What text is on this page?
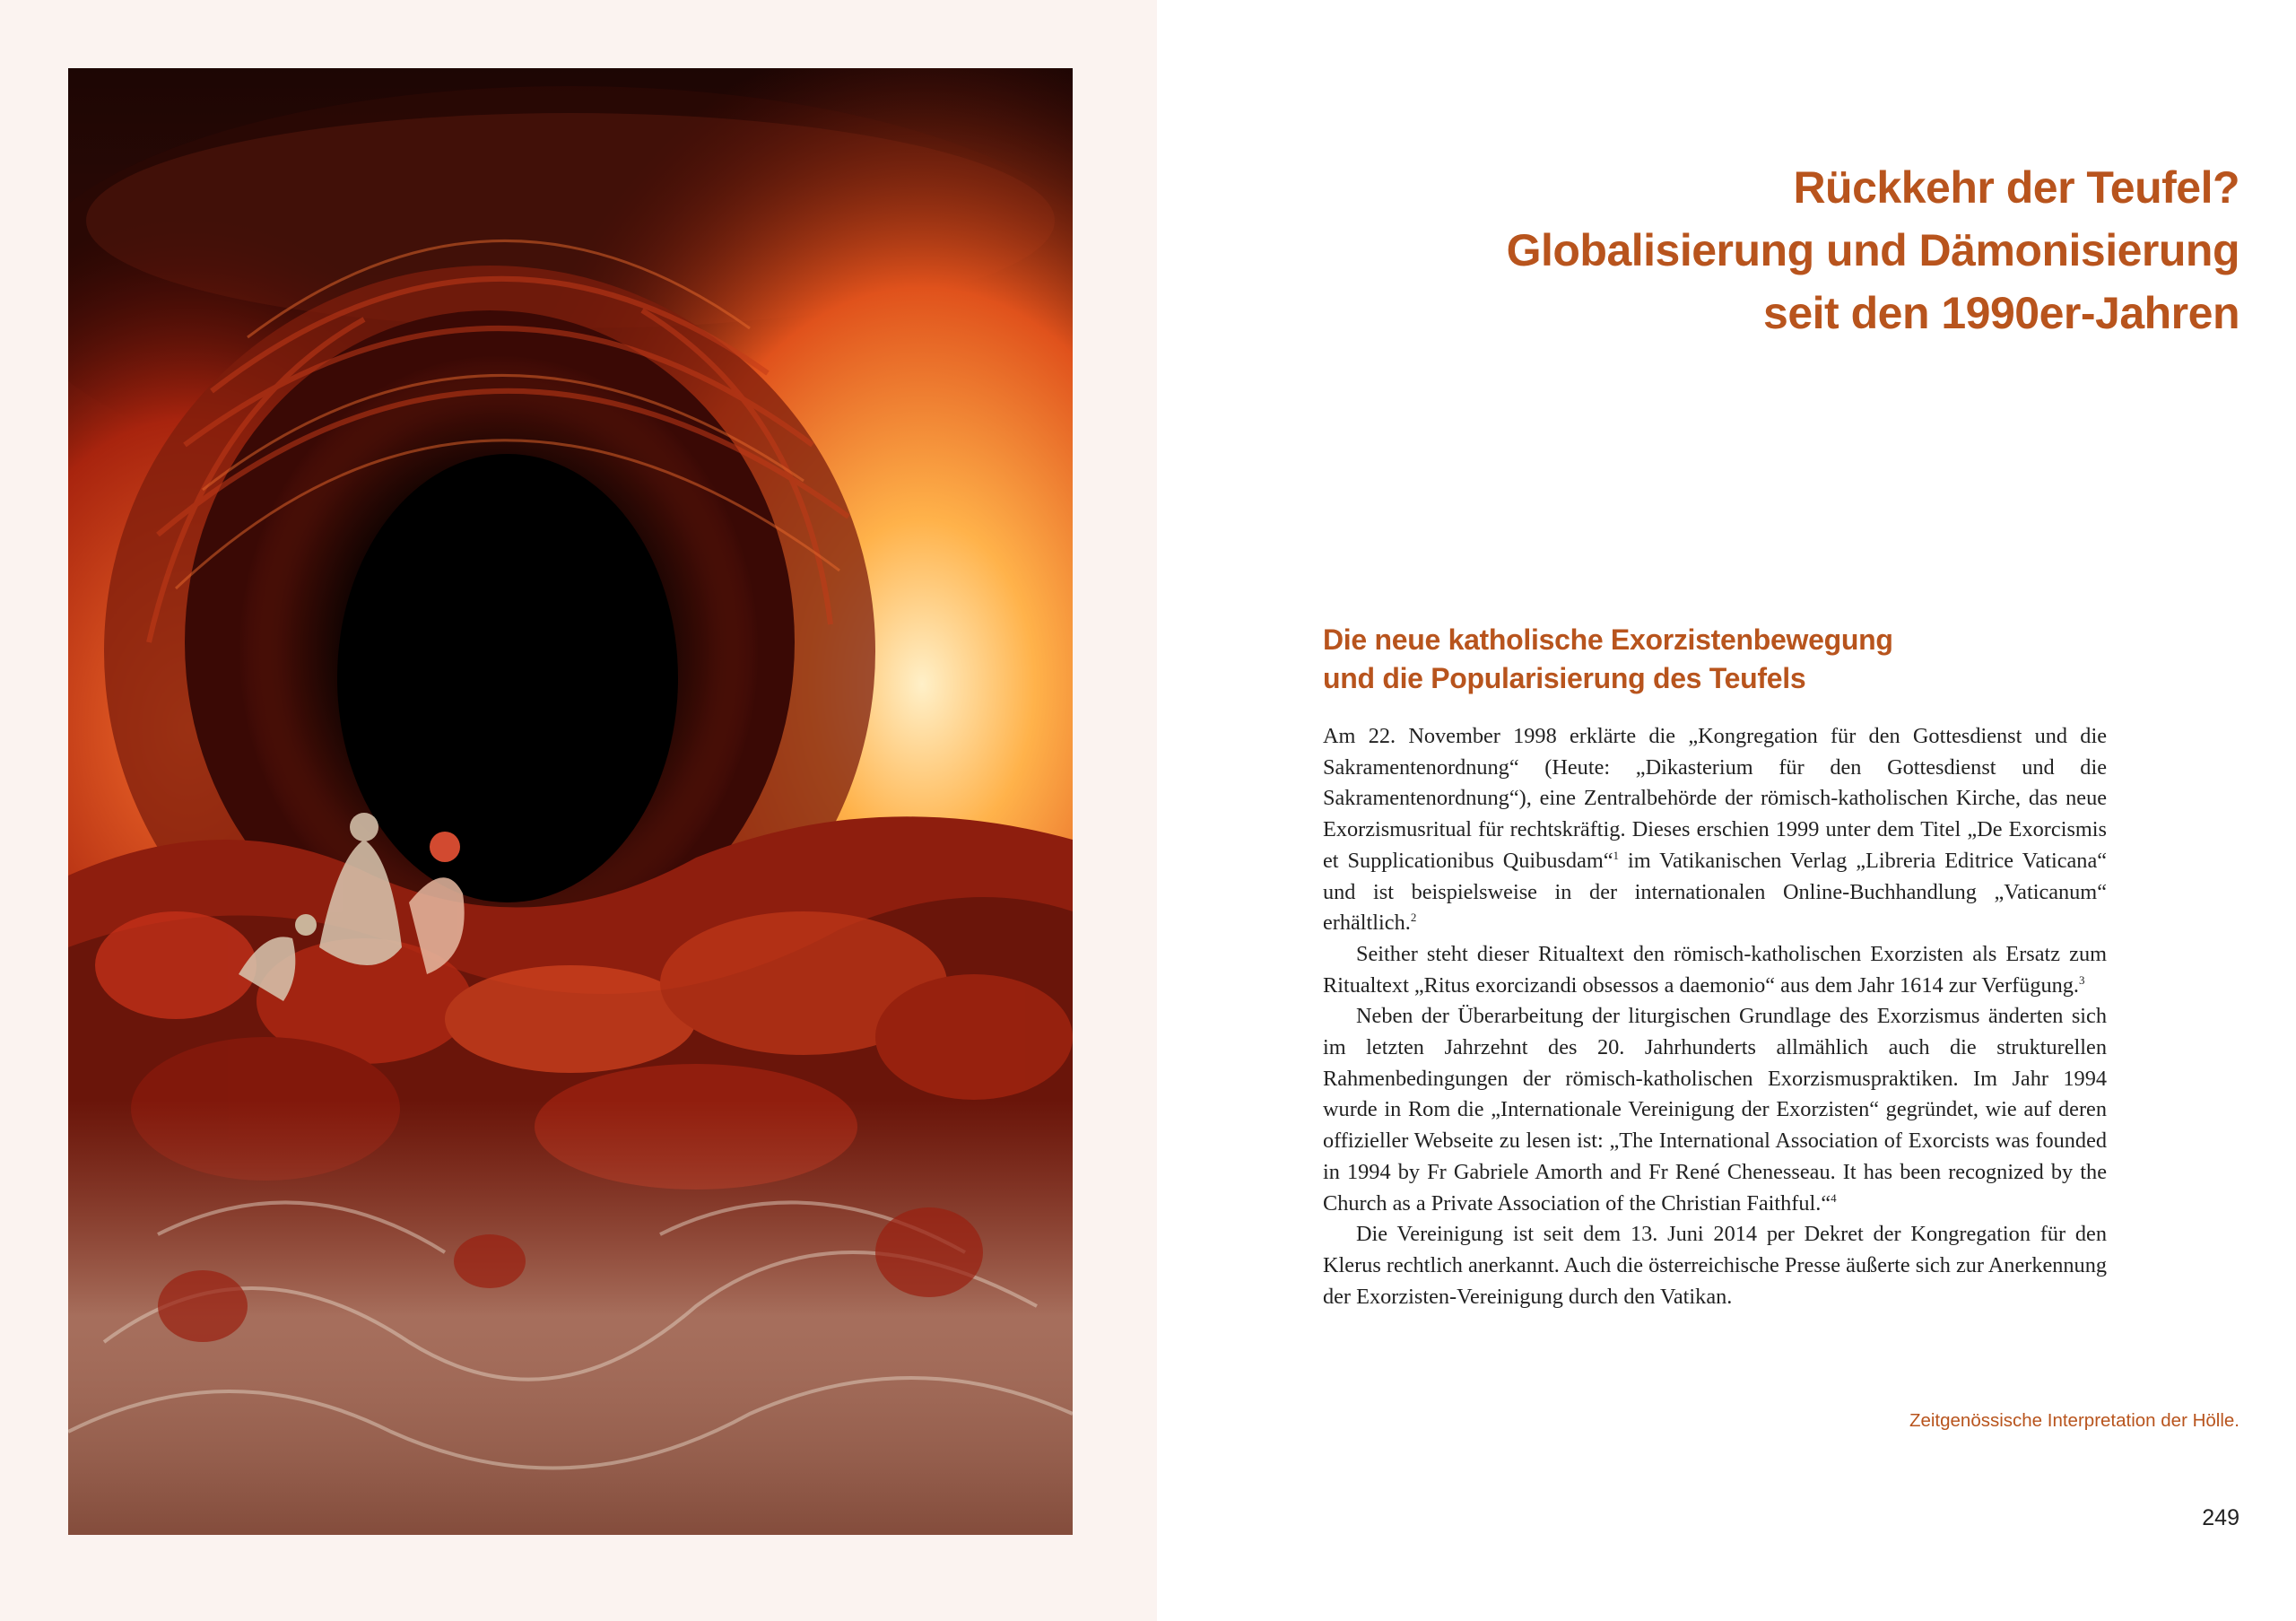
Rückkehr der Teufel?
Globalisierung und Dämonisierung
seit den 1990er-Jahren
Die neue katholische Exorzistenbewegung
und die Popularisierung des Teufels

Am 22. November 1998 erklärte die „Kongregation für den Gottesdienst und die Sakramentenordnung“ (Heute: „Dikasterium für den Gottesdienst und die Sakramentenordnung“), eine Zentralbehörde der römisch-katholischen Kirche, das neue Exorzismusritual für rechtskräftig. Dieses erschien 1999 unter dem Titel „De Exorcismis et Supplicationibus Quibusdam“$^1$ im Vatikanischen Verlag „Libreria Editrice Vaticana“ und ist beispielsweise in der internationalen Online-Buchhandlung „Vaticanum“ erhältlich.$^2$

Seither steht dieser Ritualtext den römisch-katholischen Exorzisten als Ersatz zum Ritualtext „Ritus exorcizandi obsessos a daemonio“ aus dem Jahr 1614 zur Verfügung.$^3$

Neben der Überarbeitung der liturgischen Grundlage des Exorzismus änderten sich im letzten Jahrzehnt des 20. Jahrhunderts allmählich auch die strukturellen Rahmenbedingungen der römisch-katholischen Exorzismuspraktiken. Im Jahr 1994 wurde in Rom die „Internationale Vereinigung der Exorzisten“ gegründet, wie auf deren offizieller Webseite zu lesen ist: „The International Association of Exorcists was founded in 1994 by Fr Gabriele Amorth and Fr René Chenesseau. It has been recognized by the Church as a Private Association of the Christian Faithful.“$^4$

Die Vereinigung ist seit dem 13. Juni 2014 per Dekret der Kongregation für den Klerus rechtlich anerkannt. Auch die österreichische Presse äußerte sich zur Anerkennung der Exorzisten-Vereinigung durch den Vatikan.

Zeitgenössische Interpretation der Hölle.

249
